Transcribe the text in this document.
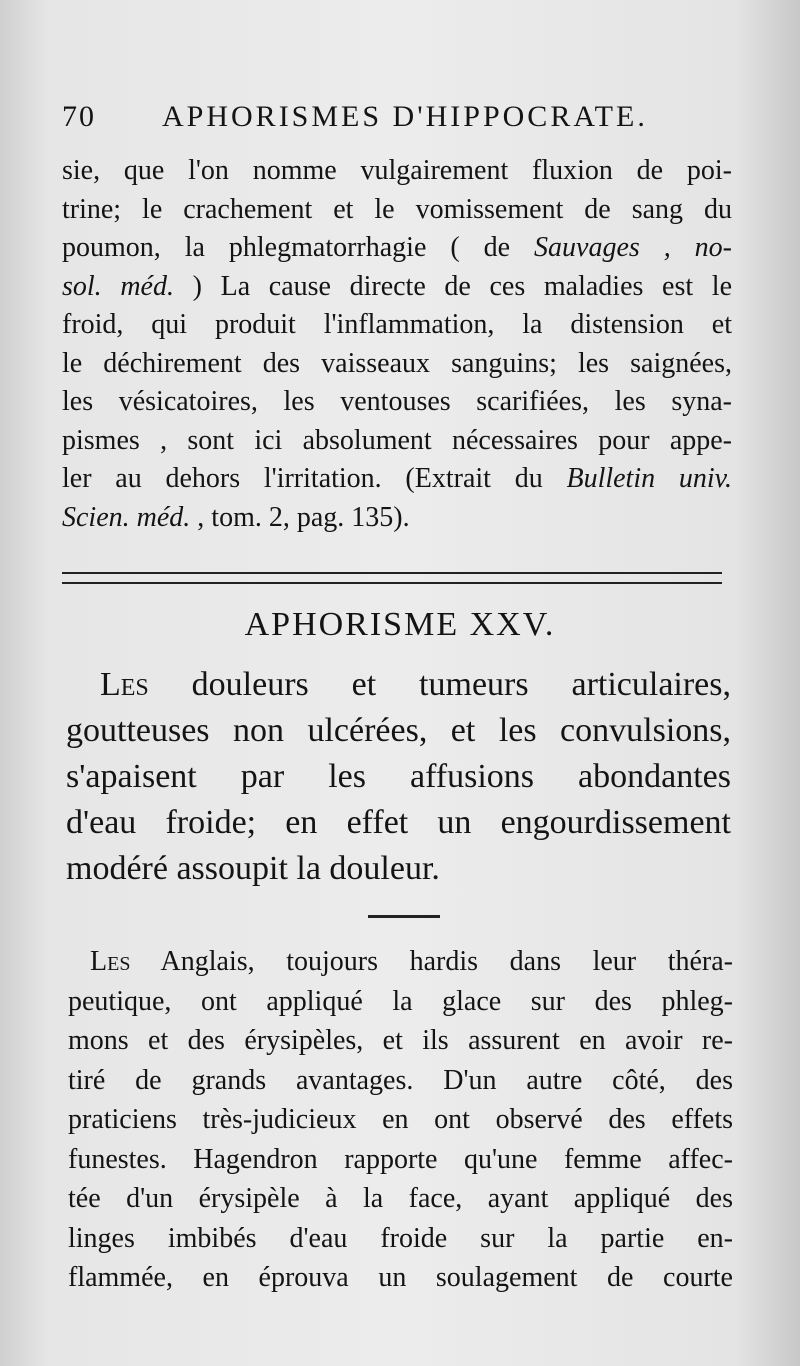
70 APHORISMES D'HIPPOCRATE.
sie, que l'on nomme vulgairement fluxion de poi-
trine; le crachement et le vomissement de sang du
poumon, la phlegmatorrhagie ( de Sauvages , no-
sol. méd. ) La cause directe de ces maladies est le
froid, qui produit l'inflammation, la distension et
le déchirement des vaisseaux sanguins; les saignées,
les vésicatoires, les ventouses scarifiées, les syna-
pismes , sont ici absolument nécessaires pour appe-
ler au dehors l'irritation. (Extrait du Bulletin univ.
Scien. méd. , tom. 2, pag. 135).
APHORISME XXV.
Les douleurs et tumeurs articulaires,
goutteuses non ulcérées, et les convulsions,
s'apaisent par les affusions abondantes
d'eau froide; en effet un engourdissement
modéré assoupit la douleur.
Les Anglais, toujours hardis dans leur théra-
peutique, ont appliqué la glace sur des phleg-
mons et des érysipèles, et ils assurent en avoir re-
tiré de grands avantages. D'un autre côté, des
praticiens très-judicieux en ont observé des effets
funestes. Hagendron rapporte qu'une femme affec-
tée d'un érysipèle à la face, ayant appliqué des
linges imbibés d'eau froide sur la partie en-
flammée, en éprouva un soulagement de courte
